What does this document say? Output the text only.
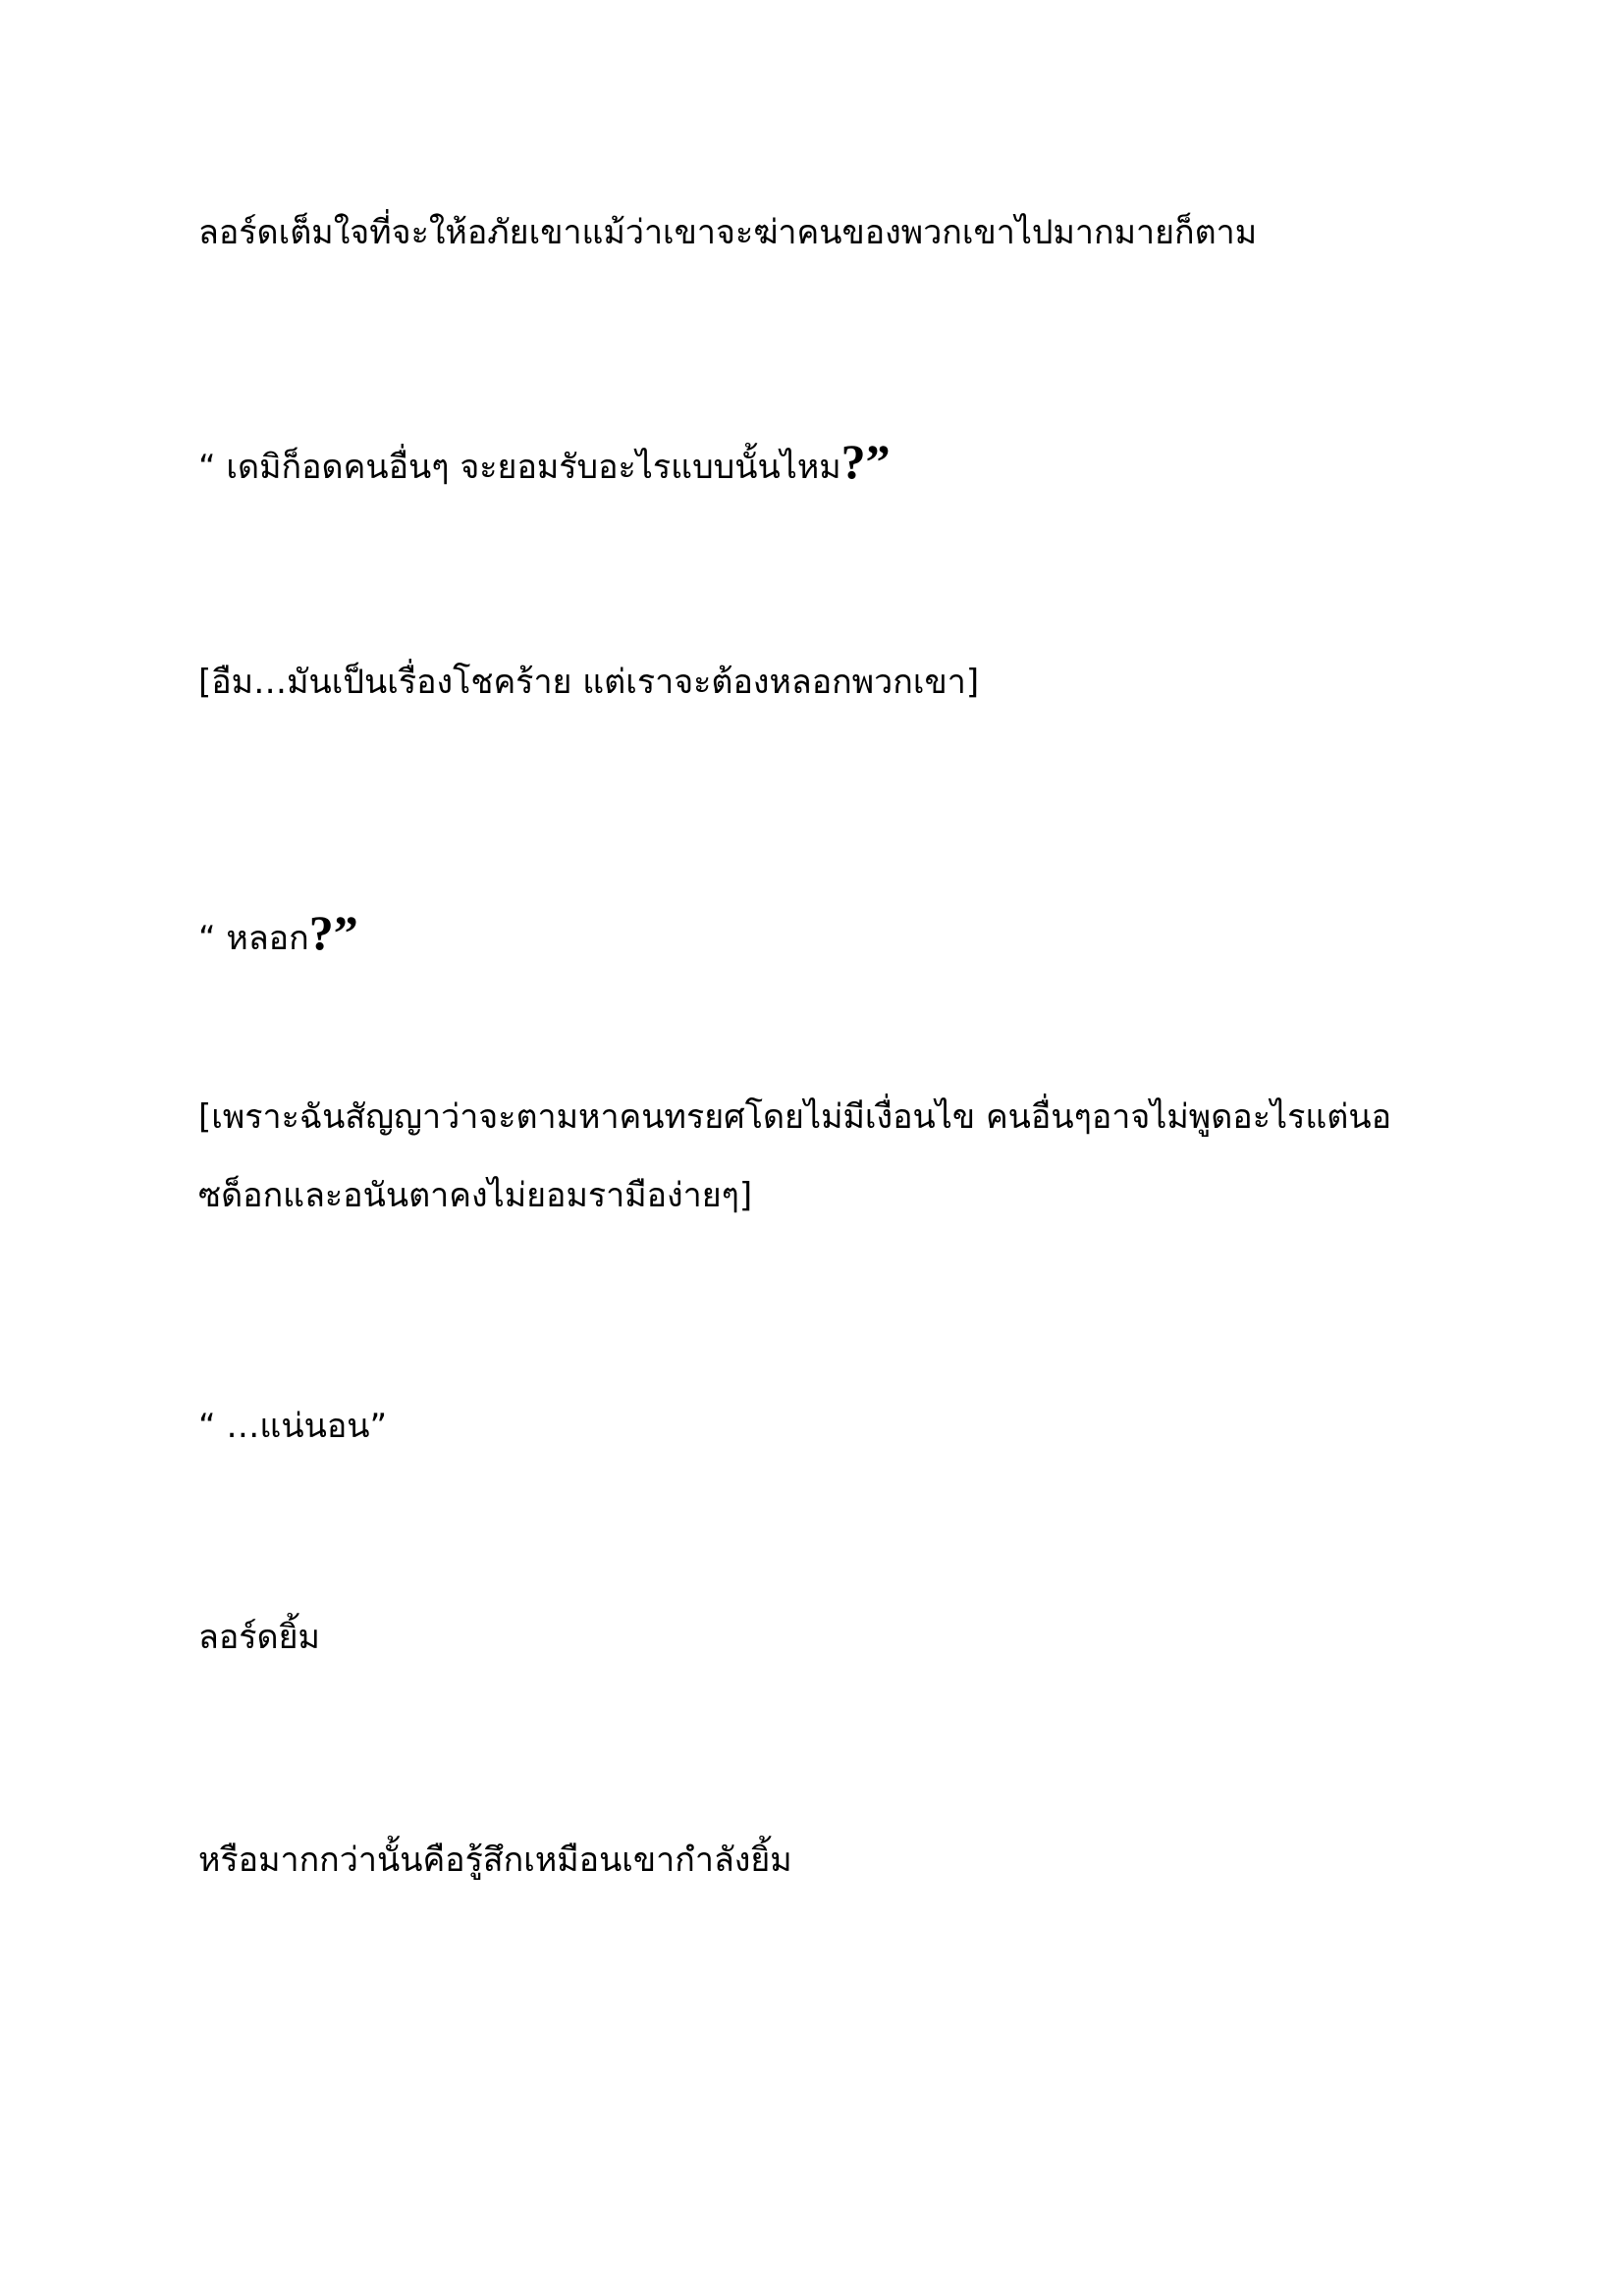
ลอร์ดเต็มใจที่จะให้อภัยเขาแม้ว่าเขาจะฆ่าคนของพวกเขาไปมากมายก็ตาม
“ เดมิก็อดคนอื่นๆ จะยอมรับอะไรแบบนั้นไหม?”
[อืม…มันเป็นเรื่องโชคร้าย แต่เราจะต้องหลอกพวกเขา]
“ หลอก?”
[เพราะฉันสัญญาว่าจะตามหาคนทรยศโดยไม่มีเงื่อนไข คนอื่นๆอาจไม่พูดอะไรแต่นอ
ซด็อกและอนันตาคงไม่ยอมรามือง่ายๆ]
“ …แน่นอน”
ลอร์ดยิ้ม
หรือมากกว่านั้นคือรู้สึกเหมือนเขากำลังยิ้ม
